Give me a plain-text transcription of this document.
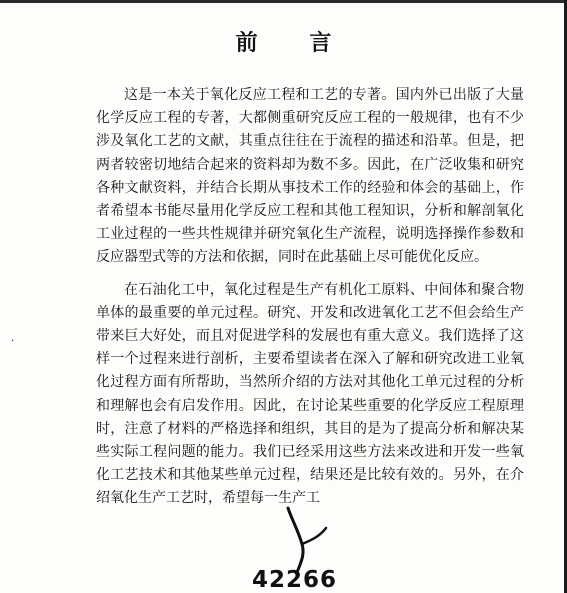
前 言

这是一本关于氧化反应工程和工艺的专著。国内外已出版了大量化学反应工程的专著，大都侧重研究反应工程的一般规律，也有不少涉及氧化工艺的文献，其重点往往在于流程的描述和沿革。但是，把两者较密切地结合起来的资料却为数不多。因此，在广泛收集和研究各种文献资料，并结合长期从事技术工作的经验和体会的基础上，作者希望本书能尽量用化学反应工程和其他工程知识，分析和解剖氧化工业过程的一些共性规律并研究氧化生产流程，说明选择操作参数和反应器型式等的方法和依据，同时在此基础上尽可能优化反应。

在石油化工中，氧化过程是生产有机化工原料、中间体和聚合物单体的最重要的单元过程。研究、开发和改进氧化工艺不但会给生产带来巨大好处，而且对促进学科的发展也有重大意义。我们选择了这样一个过程来进行剖析，主要希望读者在深入了解和研究改进工业氧化过程方面有所帮助，当然所介绍的方法对其他化工单元过程的分析和理解也会有启发作用。因此，在讨论某些重要的化学反应工程原理时，注意了材料的严格选择和组织，其目的是为了提高分析和解决某些实际工程问题的能力。我们已经采用这些方法来改进和开发一些氧化工艺技术和其他某些单元过程，结果还是比较有效的。另外，在介绍氧化生产工艺时，希望每一生产工

·
42266
